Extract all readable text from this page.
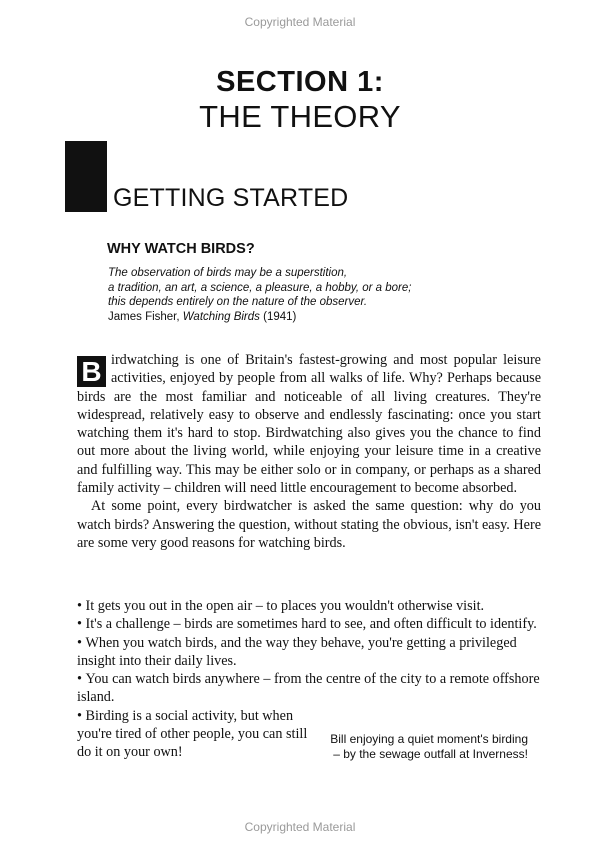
Copyrighted Material
SECTION 1:
THE THEORY
GETTING STARTED
WHY WATCH BIRDS?

The observation of birds may be a superstition,

a tradition, an art, a science, a pleasure, a hobby, or a bore;

this depends entirely on the nature of the observer.

James Fisher, Watching Birds (1941)

B irdwatching is one of Britain's fastest-growing and most popular leisure activities, enjoyed by people from all walks of life. Why? Perhaps because birds are the most familiar and noticeable of all living creatures. They're widespread, relatively easy to observe and endlessly fascinating: once you start watching them it's hard to stop. Birdwatching also gives you the chance to find out more about the living world, while enjoying your leisure time in a creative and fulfilling way. This may be either solo or in company, or perhaps as a shared family activity – children will need little encouragement to become absorbed.

At some point, every birdwatcher is asked the same question: why do you watch birds? Answering the question, without stating the obvious, isn't easy. Here are some very good reasons for watching birds.

• It gets you out in the open air – to places you wouldn't otherwise visit.
• It's a challenge – birds are sometimes hard to see, and often difficult to identify.
• When you watch birds, and the way they behave, you're getting a privileged insight into their daily lives.
• You can watch birds anywhere – from the centre of the city to a remote offshore island.
• Birding is a social activity, but when you're tired of other people, you can still do it on your own!
Bill enjoying a quiet moment's birding – by the sewage outfall at Inverness!
Copyrighted Material
